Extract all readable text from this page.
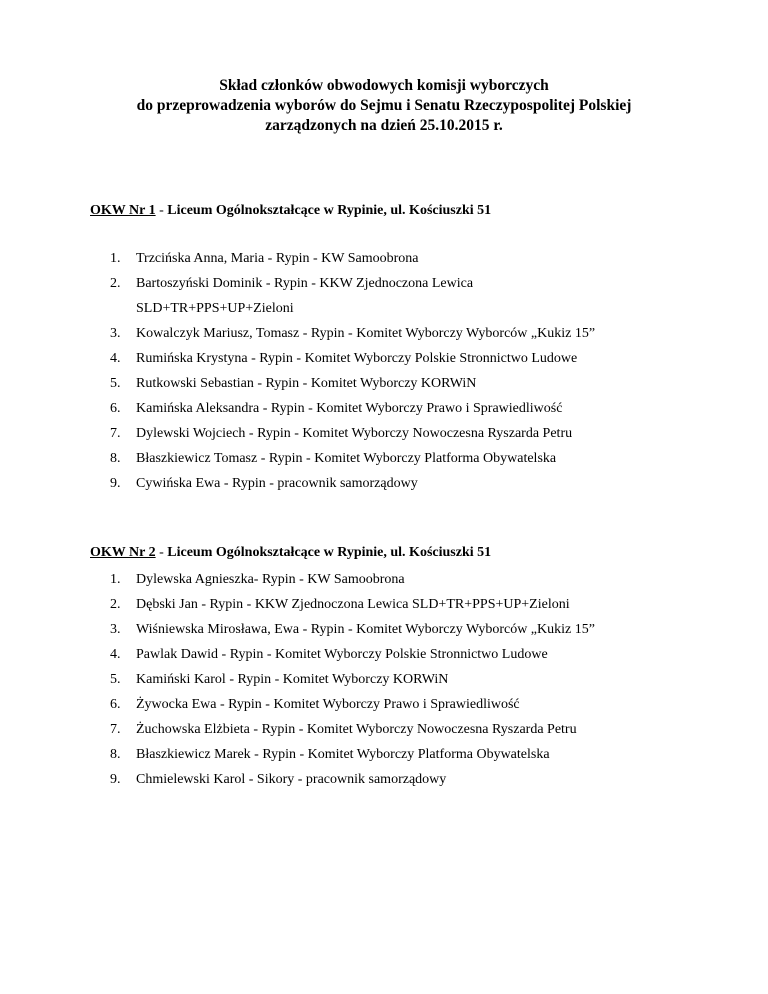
Skład członków obwodowych komisji wyborczych
do przeprowadzenia wyborów do Sejmu i Senatu Rzeczypospolitej Polskiej
zarządzonych na dzień 25.10.2015 r.
OKW Nr 1 - Liceum Ogólnokształcące w Rypinie, ul. Kościuszki 51
1. Trzcińska Anna, Maria - Rypin - KW Samoobrona
2. Bartoszyński Dominik - Rypin - KKW Zjednoczona Lewica
SLD+TR+PPS+UP+Zieloni
3. Kowalczyk Mariusz, Tomasz - Rypin - Komitet Wyborczy Wyborców „Kukiz 15”
4. Rumińska Krystyna - Rypin - Komitet Wyborczy Polskie Stronnictwo Ludowe
5. Rutkowski Sebastian - Rypin - Komitet Wyborczy KORWiN
6. Kamińska Aleksandra - Rypin - Komitet Wyborczy Prawo i Sprawiedliwość
7. Dylewski Wojciech - Rypin - Komitet Wyborczy Nowoczesna Ryszarda Petru
8. Błaszkiewicz Tomasz - Rypin - Komitet Wyborczy Platforma Obywatelska
9. Cywińska Ewa - Rypin - pracownik samorządowy
OKW Nr 2 - Liceum Ogólnokształcące w Rypinie, ul. Kościuszki 51
1. Dylewska Agnieszka- Rypin - KW Samoobrona
2. Dębski Jan - Rypin - KKW Zjednoczona Lewica SLD+TR+PPS+UP+Zieloni
3. Wiśniewska Mirosława, Ewa - Rypin - Komitet Wyborczy Wyborców „Kukiz 15”
4. Pawlak Dawid - Rypin - Komitet Wyborczy Polskie Stronnictwo Ludowe
5. Kamiński Karol - Rypin - Komitet Wyborczy KORWiN
6. Żywocka Ewa - Rypin - Komitet Wyborczy Prawo i Sprawiedliwość
7. Żuchowska Elżbieta - Rypin - Komitet Wyborczy Nowoczesna Ryszarda Petru
8. Błaszkiewicz Marek - Rypin - Komitet Wyborczy Platforma Obywatelska
9. Chmielewski Karol - Sikory - pracownik samorządowy
